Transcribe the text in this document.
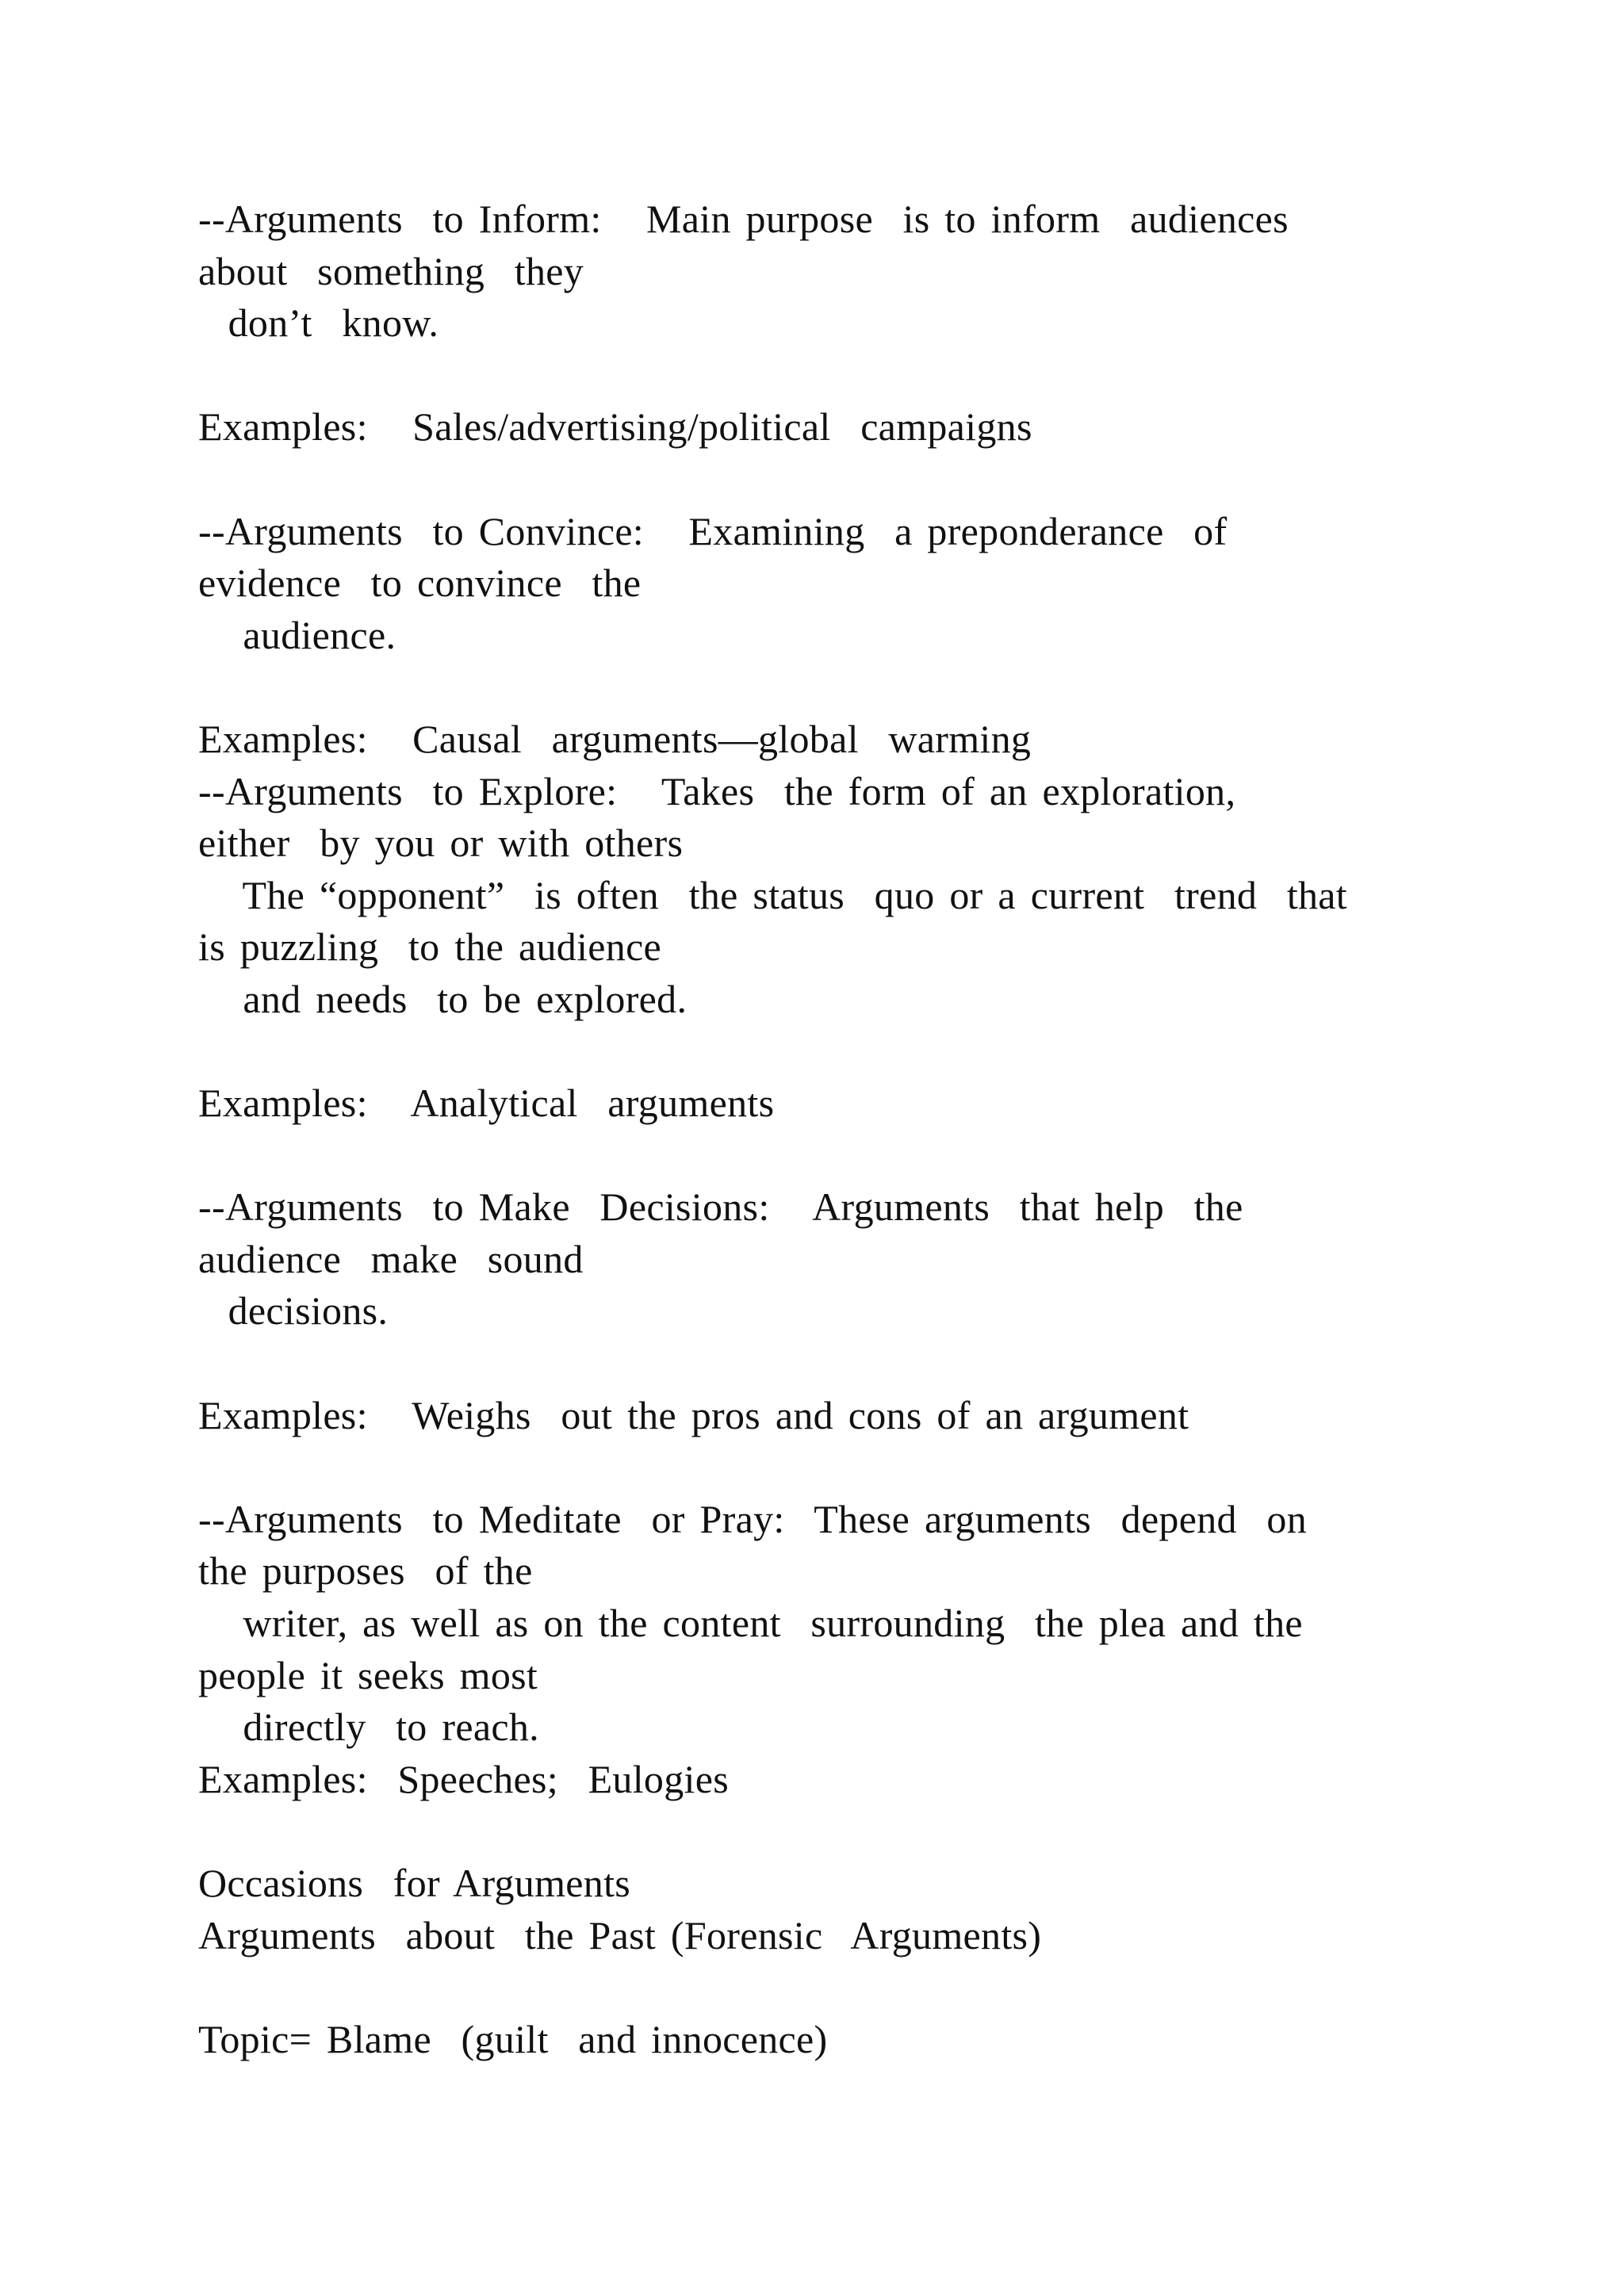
--Arguments  to Inform:   Main purpose  is to inform  audiences
about  something  they
don’t  know.
Examples:   Sales/advertising/political  campaigns
--Arguments  to Convince:   Examining  a preponderance  of
evidence  to convince  the
audience.
Examples:   Causal  arguments—global  warming
--Arguments  to Explore:   Takes  the form of an exploration,
either  by you or with others
The “opponent”  is often  the status  quo or a current  trend  that
is puzzling  to the audience
and needs  to be explored.
Examples:   Analytical  arguments
--Arguments  to Make  Decisions:   Arguments  that help  the
audience  make  sound
decisions.
Examples:   Weighs  out the pros and cons of an argument
--Arguments  to Meditate  or Pray:  These arguments  depend  on
the purposes  of the
writer, as well as on the content  surrounding  the plea and the
people it seeks most
directly  to reach.
Examples:  Speeches;  Eulogies
Occasions  for Arguments
Arguments  about  the Past (Forensic  Arguments)
Topic= Blame  (guilt  and innocence)
